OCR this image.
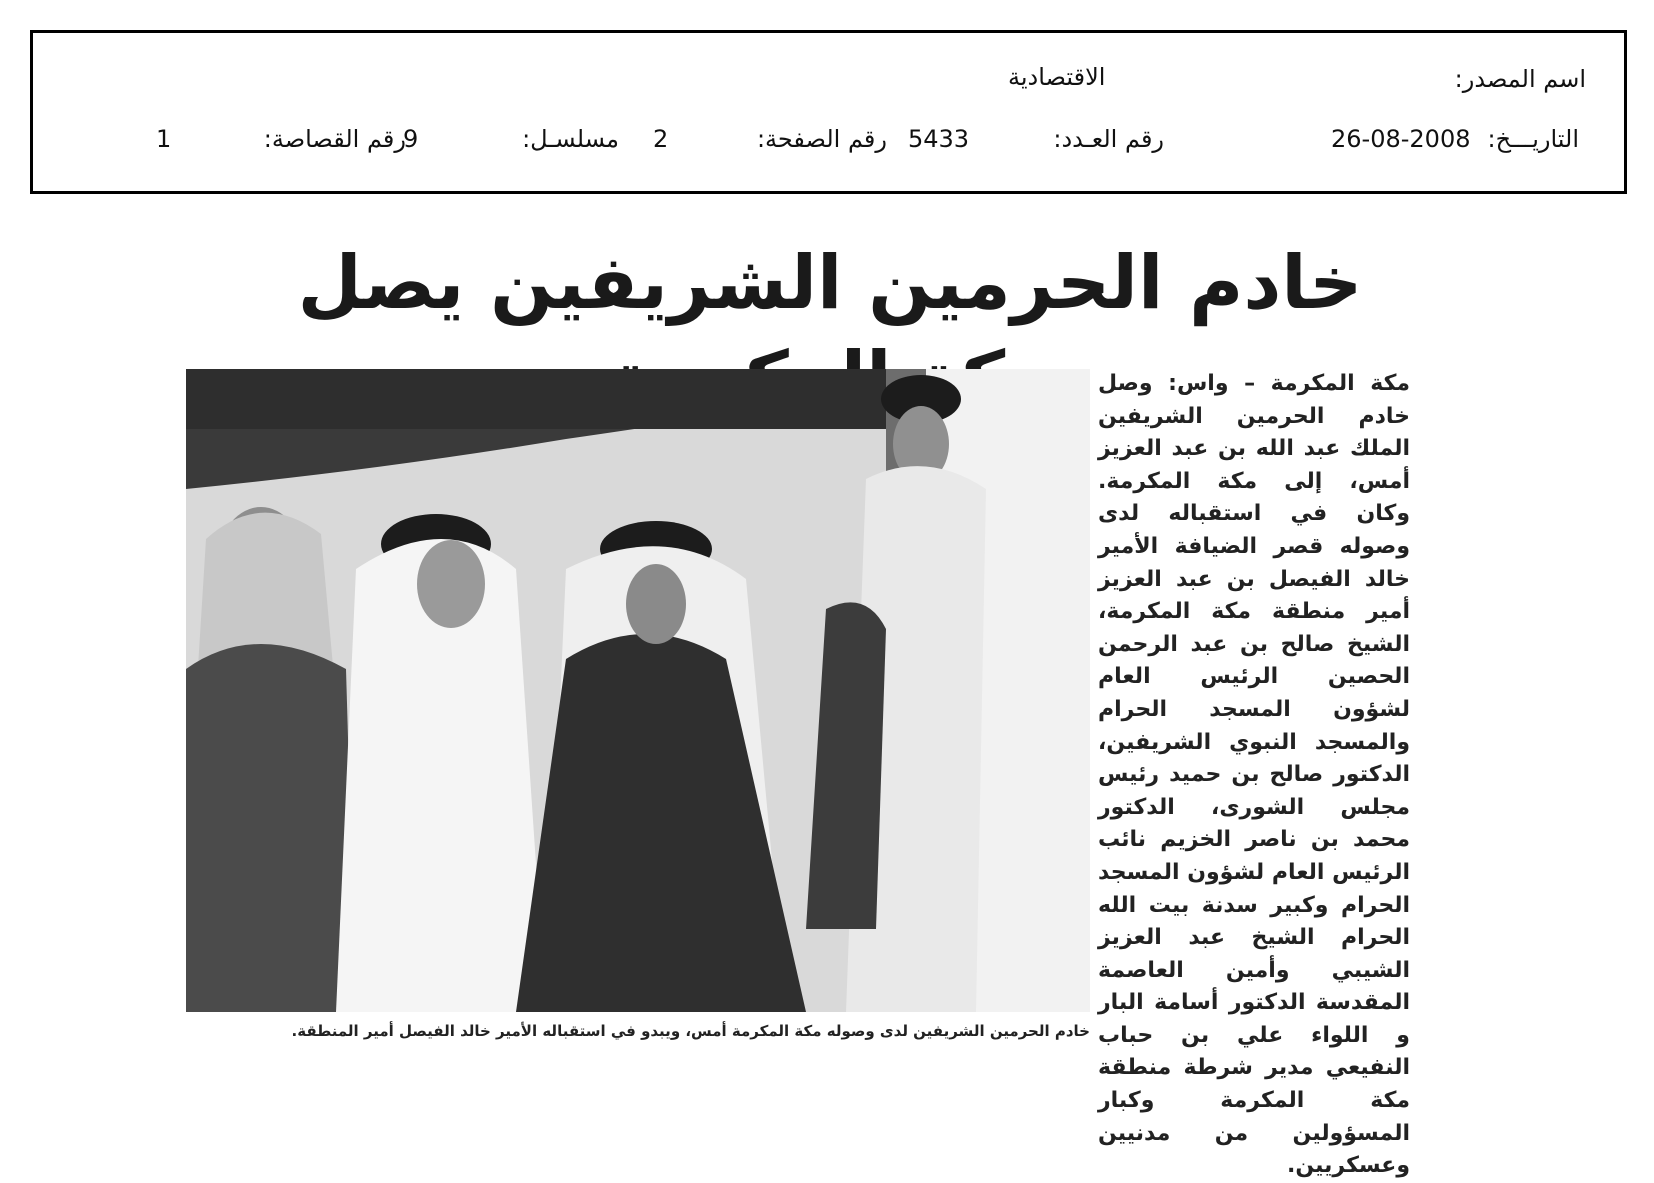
اسم المصدر:
الاقتصادية
التاريـــخ:
26-08-2008
رقم العـدد:
5433
رقم الصفحة:
2
مسلسـل:
9
رقم القصاصة:
1
خادم الحرمين الشريفين يصل
خادم الحرمين الشريفين لدى وصوله مكة المكرمة أمس، ويبدو في استقباله الأمير خالد الفيصل أمير المنطقة.
مكة المكرمة – واس: وصل خادم الحرمين الشريفين الملك عبد الله بن عبد العزيز أمس، إلى مكة المكرمة. وكان في استقباله لدى وصوله قصر الضيافة الأمير خالد الفيصل بن عبد العزيز أمير منطقة مكة المكرمة، الشيخ صالح بن عبد الرحمن الحصين الرئيس العام لشؤون المسجد الحرام والمسجد النبوي الشريفين، الدكتور صالح بن حميد رئيس مجلس الشورى، الدكتور محمد بن ناصر الخزيم نائب الرئيس العام لشؤون المسجد الحرام وكبير سدنة بيت الله الحرام الشيخ عبد العزيز الشيبي وأمين العاصمة المقدسة الدكتور أسامة البار و اللواء علي بن حباب النفيعي مدير شرطة منطقة مكة المكرمة وكبار المسؤولين من مدنيين وعسكريين.
